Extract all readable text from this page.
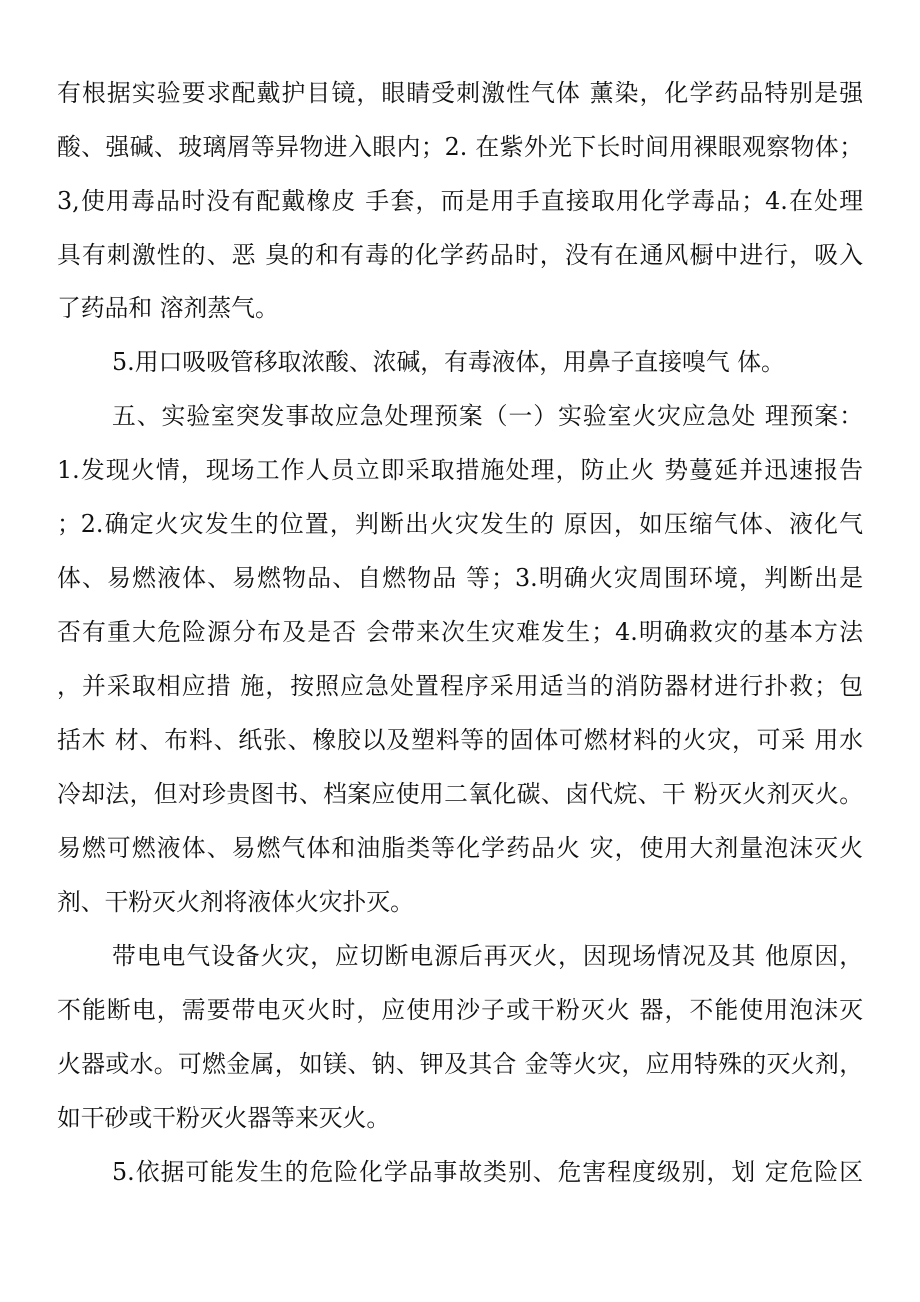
有根据实验要求配戴护目镜，眼睛受刺激性气体 薰染，化学药品特别是强
酸、强碱、玻璃屑等异物进入眼内；2. 在紫外光下长时间用裸眼观察物体；
3,使用毒品时没有配戴橡皮 手套，而是用手直接取用化学毒品；4.在处理
具有刺激性的、恶 臭的和有毒的化学药品时，没有在通风橱中进行，吸入
了药品和 溶剂蒸气。
5.用口吸吸管移取浓酸、浓碱，有毒液体，用鼻子直接嗅气 体。
五、实验室突发事故应急处理预案（一）实验室火灾应急处 理预案：
1.发现火情，现场工作人员立即采取措施处理，防止火 势蔓延并迅速报告
；2.确定火灾发生的位置，判断出火灾发生的 原因，如压缩气体、液化气
体、易燃液体、易燃物品、自燃物品 等；3.明确火灾周围环境，判断出是
否有重大危险源分布及是否 会带来次生灾难发生；4.明确救灾的基本方法
，并采取相应措 施，按照应急处置程序采用适当的消防器材进行扑救；包
括木 材、布料、纸张、橡胶以及塑料等的固体可燃材料的火灾，可采 用水
冷却法，但对珍贵图书、档案应使用二氧化碳、卤代烷、干 粉灭火剂灭火。
易燃可燃液体、易燃气体和油脂类等化学药品火 灾，使用大剂量泡沫灭火
剂、干粉灭火剂将液体火灾扑灭。
带电电气设备火灾，应切断电源后再灭火，因现场情况及其 他原因，
不能断电，需要带电灭火时，应使用沙子或干粉灭火 器，不能使用泡沫灭
火器或水。可燃金属，如镁、钠、钾及其合 金等火灾，应用特殊的灭火剂，
如干砂或干粉灭火器等来灭火。
5.依据可能发生的危险化学品事故类别、危害程度级别，划 定危险区
